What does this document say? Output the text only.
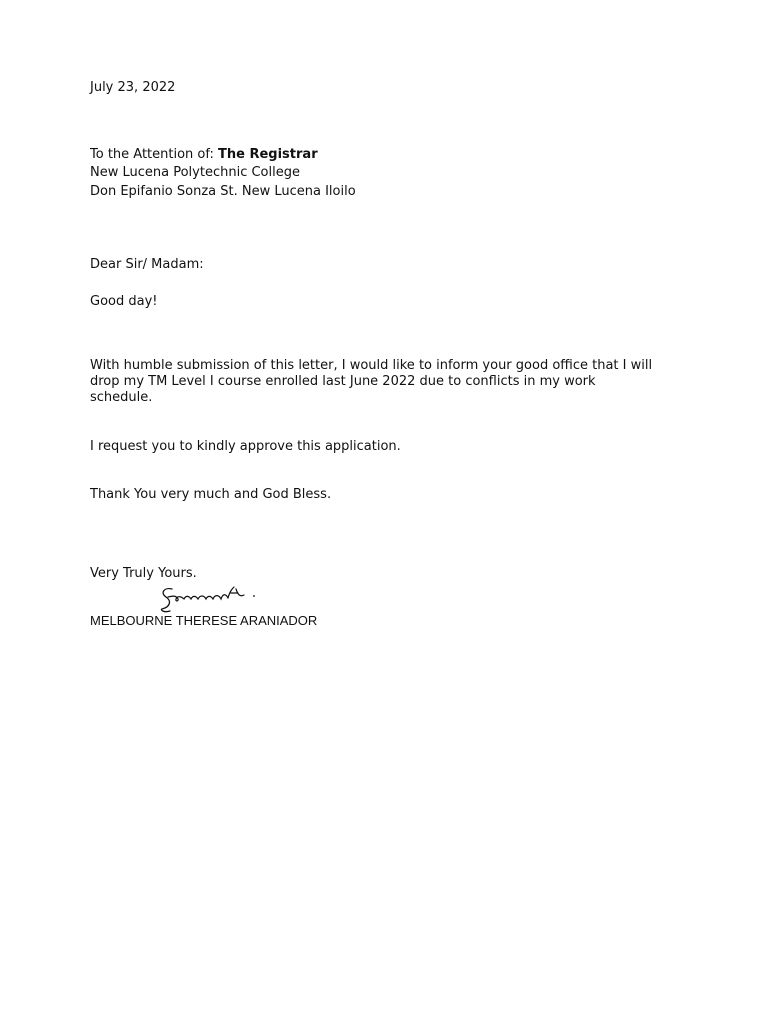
July 23, 2022
To the Attention of: The Registrar
New Lucena Polytechnic College
Don Epifanio Sonza St. New Lucena Iloilo
Dear Sir/ Madam:
Good day!
With humble submission of this letter, I would like to inform your good office that I will
drop my TM Level I course enrolled last June 2022 due to conflicts in my work
schedule.
I request you to kindly approve this application.
Thank You very much and God Bless.
Very Truly Yours.
MELBOURNE THERESE ARANIADOR
